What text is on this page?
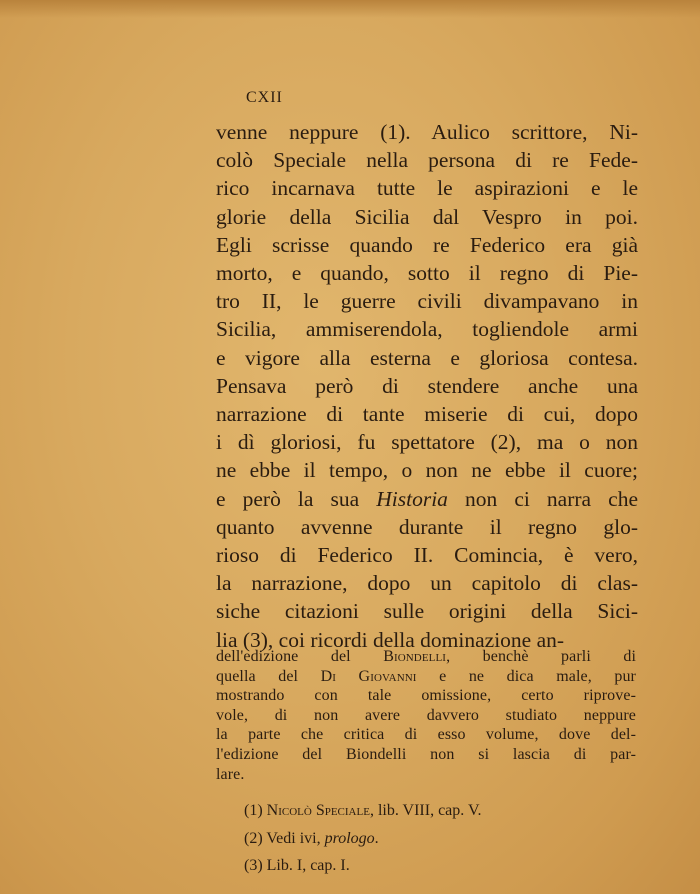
CXII
venne neppure (1). Aulico scrittore, Ni-
colò Speciale nella persona di re Fede-
rico incarnava tutte le aspirazioni e le
glorie della Sicilia dal Vespro in poi.
Egli scrisse quando re Federico era già
morto, e quando, sotto il regno di Pie-
tro II, le guerre civili divampavano in
Sicilia, ammiserendola, togliendole armi
e vigore alla esterna e gloriosa contesa.
Pensava però di stendere anche una
narrazione di tante miserie di cui, dopo
i dì gloriosi, fu spettatore (2), ma o non
ne ebbe il tempo, o non ne ebbe il cuore;
e però la sua Historia non ci narra che
quanto avvenne durante il regno glo-
rioso di Federico II. Comincia, è vero,
la narrazione, dopo un capitolo di clas-
siche citazioni sulle origini della Sici-
lia (3), coi ricordi della dominazione an-
dell'edizione del Biondelli, benchè parli di
quella del Di Giovanni e ne dica male, pur
mostrando con tale omissione, certo riprove-
vole, di non avere davvero studiato neppure
la parte che critica di esso volume, dove del-
l'edizione del Biondelli non si lascia di par-
lare.
(1) Nicolò Speciale, lib. VIII, cap. V.
(2) Vedi ivi, prologo.
(3) Lib. I, cap. I.
